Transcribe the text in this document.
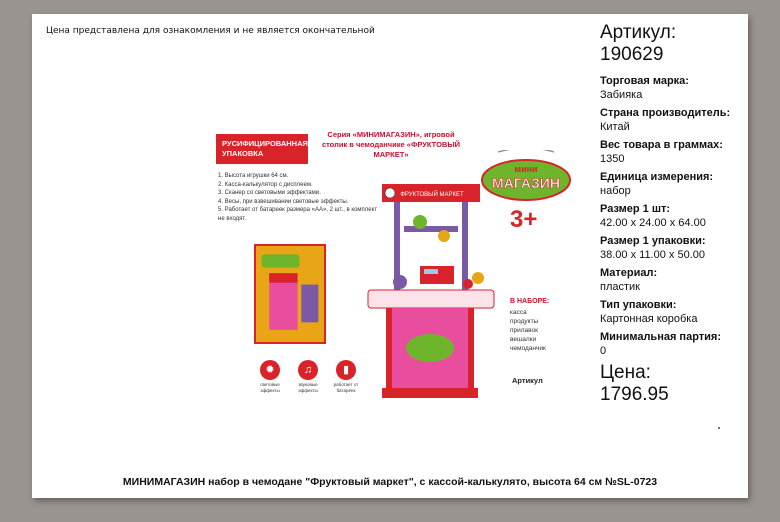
Цена представлена для ознакомления и не является окончательной
РУСИФИЦИРОВАННАЯ УПАКОВКА
1. Высота игрушки 64 см.
2. Касса-калькулятор с дисплеем.
3. Сканер со световыми эффектами.
4. Весы, при взвешивании световые эффекты.
5. Работает от батареек размера «АА», 2 шт., в комплект не входят.
Серия «МИНИМАГАЗИН», игровой столик в чемоданчике «ФРУКТОВЫЙ МАРКЕТ»
мини
МАГАЗИН
3+
ФРУКТОВЫЙ МАРКЕТ
В НАБОРЕ:
касса
продукты
прилавок
вешалки
чемоданчик
Артикул
✹
световые эффекты
♫
звуковые эффекты
▮
работает от батареек
Артикул:
190629
Торговая марка:
Забияка
Страна производитель:
Китай
Вес товара в граммах:
1350
Единица измерения:
набор
Размер 1 шт:
42.00 x 24.00 x 64.00
Размер 1 упаковки:
38.00 x 11.00 x 50.00
Материал:
пластик
Тип упаковки:
Картонная коробка
Минимальная партия:
0
Цена:
1796.95
МИНИМАГАЗИН набор в чемодане "Фруктовый маркет", с кассой-калькулято, высота 64 см №SL-0723
